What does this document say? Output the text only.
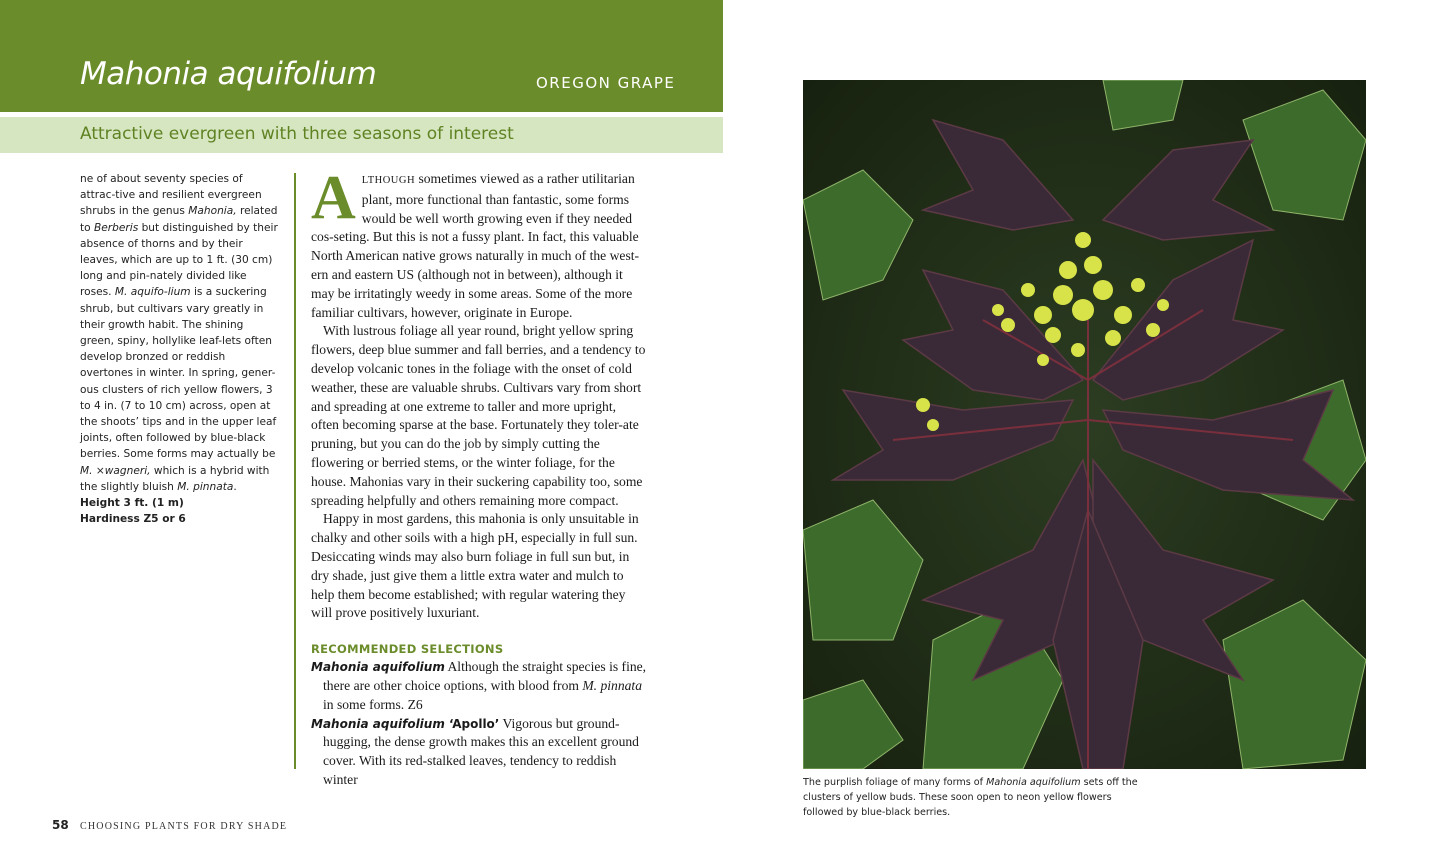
Mahonia aquifolium	OREGON GRAPE
Attractive evergreen with three seasons of interest

ne of about seventy species of attrac-tive and resilient evergreen shrubs in the genus Mahonia, related to Berberis but distinguished by their absence of thorns and by their leaves, which are up to 1 ft. (30 cm) long and pin-nately divided like roses. M. aquifo-lium is a suckering shrub, but cultivars vary greatly in their growth habit. The shining green, spiny, hollylike leaf-lets often develop bronzed or reddish overtones in winter. In spring, gener-ous clusters of rich yellow flowers, 3 to 4 in. (7 to 10 cm) across, open at the shoots’ tips and in the upper leaf joints, often followed by blue-black berries. Some forms may actually be M. ×wagneri, which is a hybrid with the slightly bluish M. pinnata.

Height 3 ft. (1 m)

Hardiness Z5 or 6

ALTHOUGH sometimes viewed as a rather utilitarian plant, more functional than fantastic, some forms would be well worth growing even if they needed cos-seting. But this is not a fussy plant. In fact, this valuable North American native grows naturally in much of the west-ern and eastern US (although not in between), although it may be irritatingly weedy in some areas. Some of the more familiar cultivars, however, originate in Europe.

With lustrous foliage all year round, bright yellow spring flowers, deep blue summer and fall berries, and a tendency to develop volcanic tones in the foliage with the onset of cold weather, these are valuable shrubs. Cultivars vary from short and spreading at one extreme to taller and more upright, often becoming sparse at the base. Fortunately they toler-ate pruning, but you can do the job by simply cutting the flowering or berried stems, or the winter foliage, for the house. Mahonias vary in their suckering capability too, some spreading helpfully and others remaining more compact.

Happy in most gardens, this mahonia is only unsuitable in chalky and other soils with a high pH, especially in full sun. Desiccating winds may also burn foliage in full sun but, in dry shade, just give them a little extra water and mulch to help them become established; with regular watering they will prove positively luxuriant.

RECOMMENDED SELECTIONS

Mahonia aquifolium Although the straight species is fine, there are other choice options, with blood from M. pinnata in some forms. Z6

Mahonia aquifolium ‘Apollo’ Vigorous but ground-hugging, the dense growth makes this an excellent ground cover. With its red-stalked leaves, tendency to reddish winter

58 CHOOSING PLANTS FOR DRY SHADE
The purplish foliage of many forms of Mahonia aquifolium sets off the clusters of yellow buds. These soon open to neon yellow flowers followed by blue-black berries.
